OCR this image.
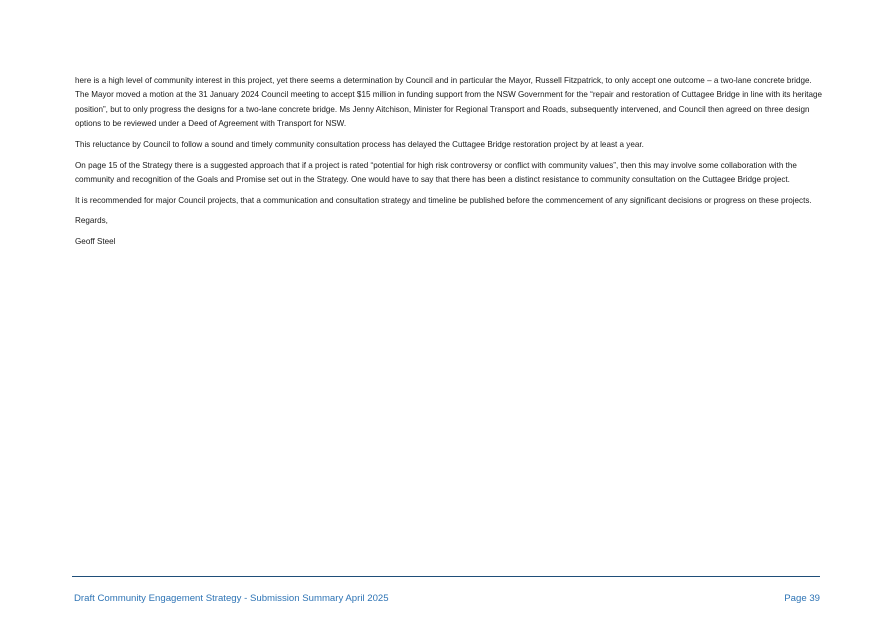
here is a high level of community interest in this project, yet there seems a determination by Council and in particular the Mayor, Russell Fitzpatrick, to only accept one outcome – a two-lane concrete bridge. The Mayor moved a motion at the 31 January 2024 Council meeting to accept $15 million in funding support from the NSW Government for the “repair and restoration of Cuttagee Bridge in line with its heritage position”, but to only progress the designs for a two-lane concrete bridge. Ms Jenny Aitchison, Minister for Regional Transport and Roads, subsequently intervened, and Council then agreed on three design options to be reviewed under a Deed of Agreement with Transport for NSW.

This reluctance by Council to follow a sound and timely community consultation process has delayed the Cuttagee Bridge restoration project by at least a year.

On page 15 of the Strategy there is a suggested approach that if a project is rated “potential for high risk controversy or conflict with community values”, then this may involve some collaboration with the community and recognition of the Goals and Promise set out in the Strategy. One would have to say that there has been a distinct resistance to community consultation on the Cuttagee Bridge project.

It is recommended for major Council projects, that a communication and consultation strategy and timeline be published before the commencement of any significant decisions or progress on these projects.

Regards,

Geoff Steel

Draft Community Engagement Strategy - Submission Summary April 2025	Page 39
